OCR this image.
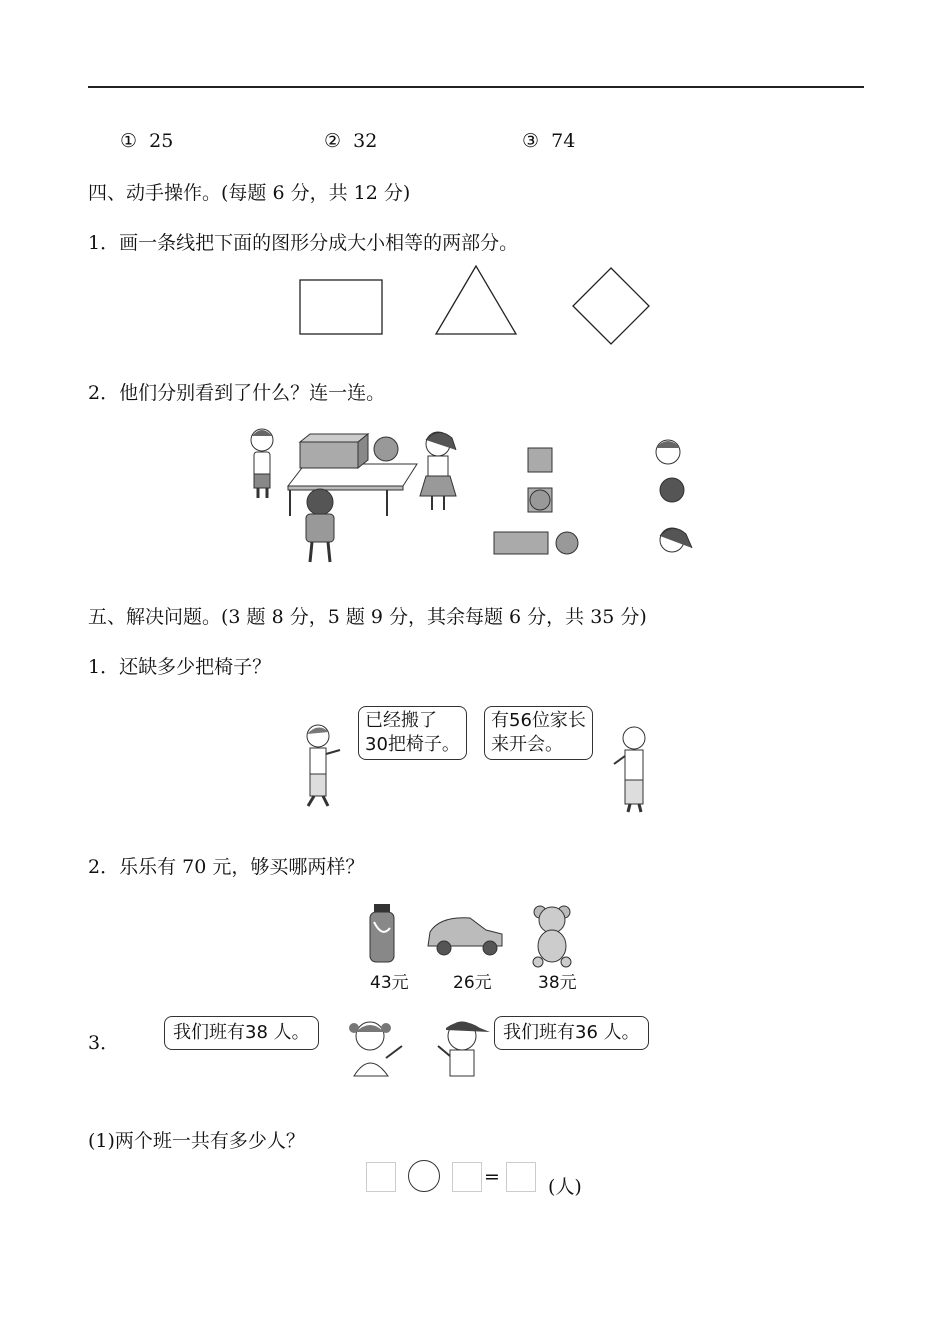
① 25	② 32	③ 74
四、动手操作。(每题 6 分，共 12 分)
1．画一条线把下面的图形分成大小相等的两部分。
2．他们分别看到了什么？连一连。
五、解决问题。(3 题 8 分，5 题 9 分，其余每题 6 分，共 35 分)
1．还缺多少把椅子？
已经搬了
30把椅子。
有56位家长
来开会。
2．乐乐有 70 元，够买哪两样？
43元	26元	38元
3．	我们班有38 人。	我们班有36 人。
(1)两个班一共有多少人？
=	(人)
